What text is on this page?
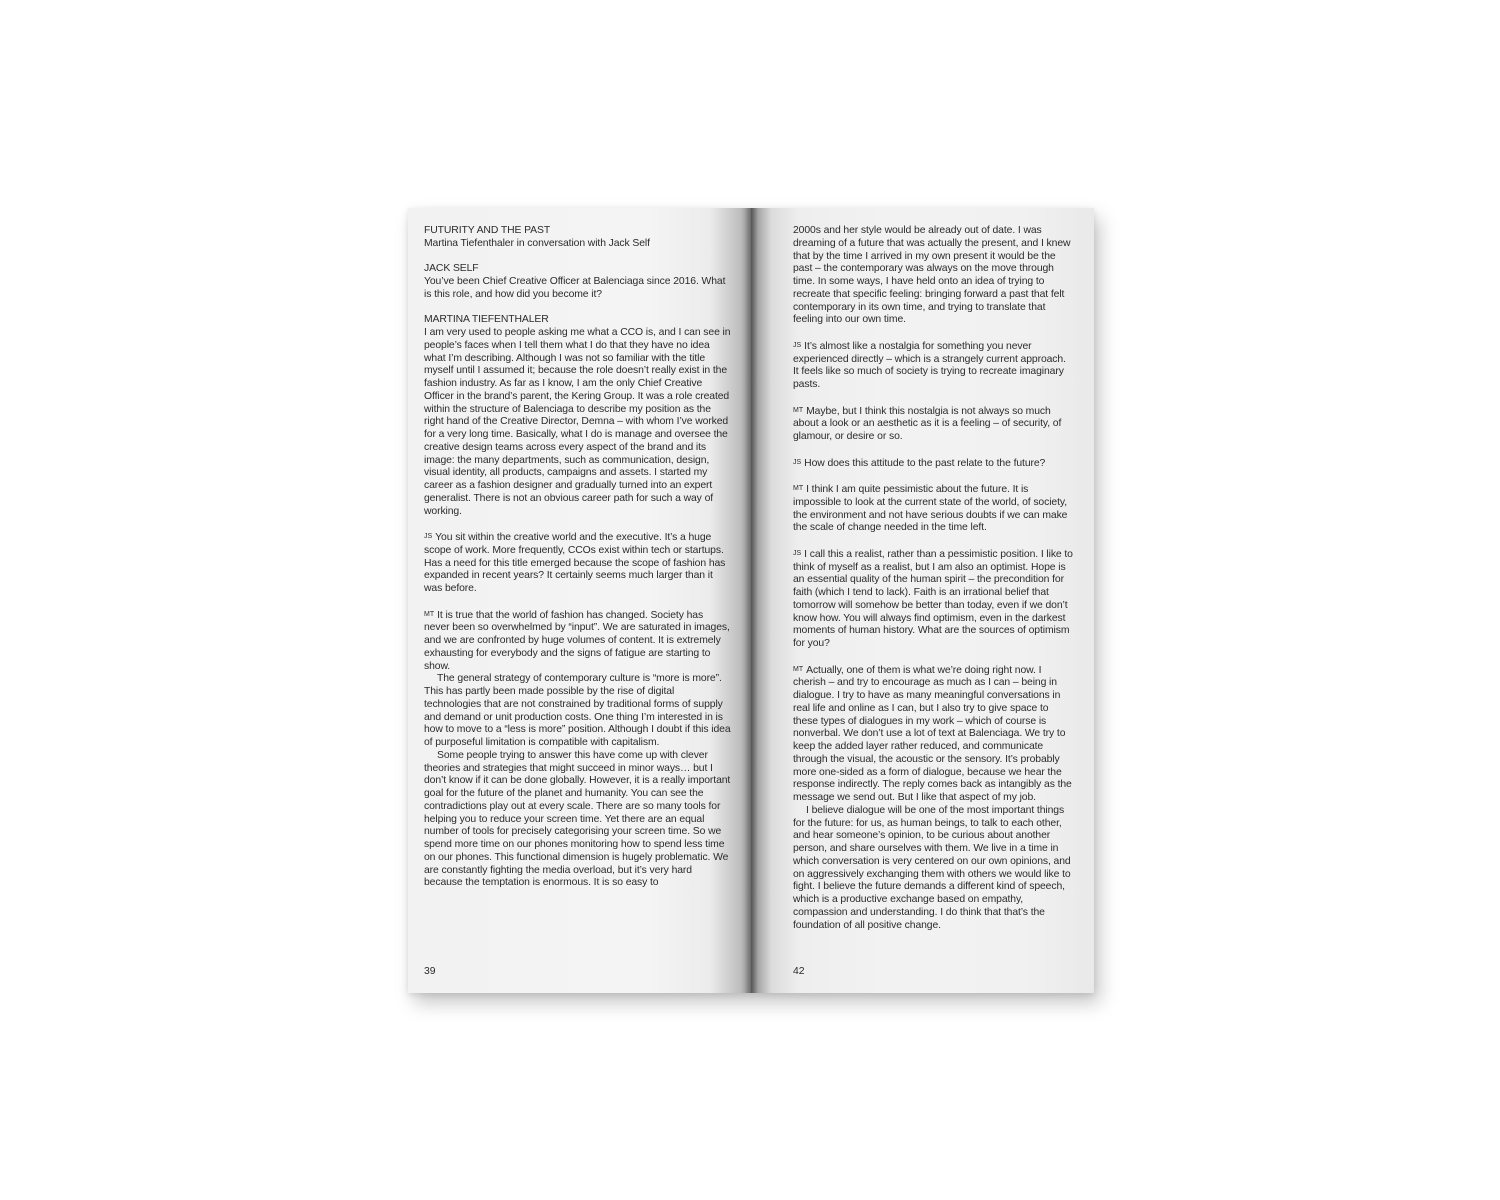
FUTURITY AND THE PAST

Martina Tiefenthaler in conversation with Jack Self

JACK SELF

You’ve been Chief Creative Officer at Balenciaga since 2016. What is this role, and how did you become it?

MARTINA TIEFENTHALER

I am very used to people asking me what a CCO is, and I can see in people’s faces when I tell them what I do that they have no idea what I’m describing. Although I was not so familiar with the title myself until I assumed it; because the role doesn’t really exist in the fashion industry. As far as I know, I am the only Chief Creative Officer in the brand’s parent, the Kering Group. It was a role created within the structure of Balenciaga to describe my position as the right hand of the Creative Director, Demna – with whom I’ve worked for a very long time. Basically, what I do is manage and oversee the creative design teams across every aspect of the brand and its image: the many departments, such as communication, design, visual identity, all products, campaigns and assets. I started my career as a fashion designer and gradually turned into an expert generalist. There is not an obvious career path for such a way of working.

JS You sit within the creative world and the executive. It’s a huge scope of work. More frequently, CCOs exist within tech or startups. Has a need for this title emerged because the scope of fashion has expanded in recent years? It certainly seems much larger than it was before.

MT It is true that the world of fashion has changed. Society has never been so overwhelmed by “input”. We are saturated in images, and we are confronted by huge volumes of content. It is extremely exhausting for everybody and the signs of fatigue are starting to show.

The general strategy of contemporary culture is “more is more”. This has partly been made possible by the rise of digital technologies that are not constrained by traditional forms of supply and demand or unit production costs. One thing I’m interested in is how to move to a “less is more” position. Although I doubt if this idea of purposeful limitation is compatible with capitalism.

Some people trying to answer this have come up with clever theories and strategies that might succeed in minor ways… but I don’t know if it can be done globally. However, it is a really important goal for the future of the planet and humanity. You can see the contradictions play out at every scale. There are so many tools for helping you to reduce your screen time. Yet there are an equal number of tools for precisely categorising your screen time. So we spend more time on our phones monitoring how to spend less time on our phones. This functional dimension is hugely problematic. We are constantly fighting the media overload, but it’s very hard because the temptation is enormous. It is so easy to

39

2000s and her style would be already out of date. I was dreaming of a future that was actually the present, and I knew that by the time I arrived in my own present it would be the past – the contemporary was always on the move through time. In some ways, I have held onto an idea of trying to recreate that specific feeling: bringing forward a past that felt contemporary in its own time, and trying to translate that feeling into our own time.

JS It’s almost like a nostalgia for something you never experienced directly – which is a strangely current approach. It feels like so much of society is trying to recreate imaginary pasts.

MT Maybe, but I think this nostalgia is not always so much about a look or an aesthetic as it is a feeling – of security, of glamour, or desire or so.

JS How does this attitude to the past relate to the future?

MT I think I am quite pessimistic about the future. It is impossible to look at the current state of the world, of society, the environment and not have serious doubts if we can make the scale of change needed in the time left.

JS I call this a realist, rather than a pessimistic position. I like to think of myself as a realist, but I am also an optimist. Hope is an essential quality of the human spirit – the precondition for faith (which I tend to lack). Faith is an irrational belief that tomorrow will somehow be better than today, even if we don’t know how. You will always find optimism, even in the darkest moments of human history. What are the sources of optimism for you?

MT Actually, one of them is what we’re doing right now. I cherish – and try to encourage as much as I can – being in dialogue. I try to have as many meaningful conversations in real life and online as I can, but I also try to give space to these types of dialogues in my work – which of course is nonverbal. We don’t use a lot of text at Balenciaga. We try to keep the added layer rather reduced, and communicate through the visual, the acoustic or the sensory. It’s probably more one-sided as a form of dialogue, because we hear the response indirectly. The reply comes back as intangibly as the message we send out. But I like that aspect of my job.

I believe dialogue will be one of the most important things for the future: for us, as human beings, to talk to each other, and hear someone’s opinion, to be curious about another person, and share ourselves with them. We live in a time in which conversation is very centered on our own opinions, and on aggressively exchanging them with others we would like to fight. I believe the future demands a different kind of speech, which is a productive exchange based on empathy, compassion and understanding. I do think that that’s the foundation of all positive change.

42
